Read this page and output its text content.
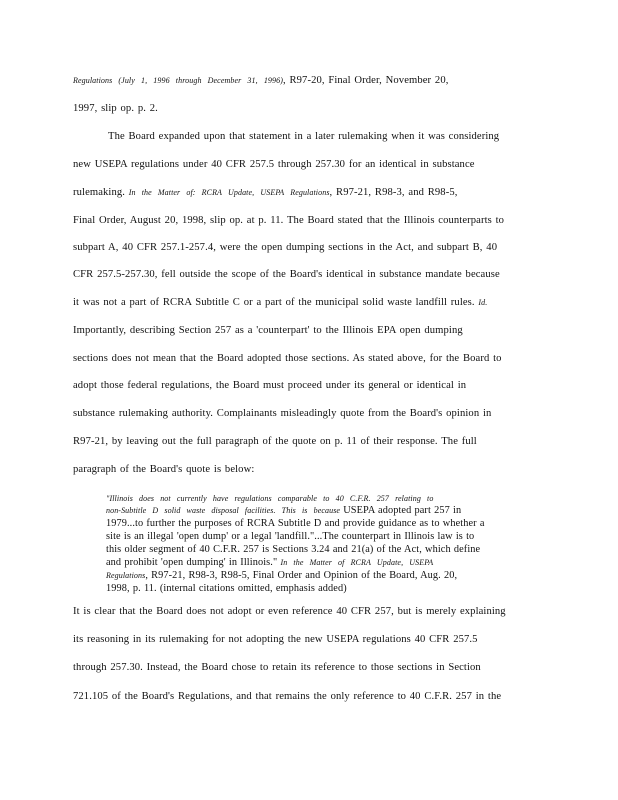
Regulations (July 1, 1996 through December 31, 1996), R97-20, Final Order, November 20,
1997, slip op. p. 2.
The Board expanded upon that statement in a later rulemaking when it was considering
new USEPA regulations under 40 CFR 257.5 through 257.30 for an identical in substance
rulemaking. In the Matter of: RCRA Update, USEPA Regulations, R97-21, R98-3, and R98-5,
Final Order, August 20, 1998, slip op. at p. 11. The Board stated that the Illinois counterparts to
subpart A, 40 CFR 257.1-257.4, were the open dumping sections in the Act, and subpart B, 40
CFR 257.5-257.30, fell outside the scope of the Board's identical in substance mandate because
it was not a part of RCRA Subtitle C or a part of the municipal solid waste landfill rules. Id.
Importantly, describing Section 257 as a 'counterpart' to the Illinois EPA open dumping
sections does not mean that the Board adopted those sections. As stated above, for the Board to
adopt those federal regulations, the Board must proceed under its general or identical in
substance rulemaking authority. Complainants misleadingly quote from the Board's opinion in
R97-21, by leaving out the full paragraph of the quote on p. 11 of their response. The full
paragraph of the Board's quote is below:
"Illinois does not currently have regulations comparable to 40 C.F.R. 257 relating to
non-Subtitle D solid waste disposal facilities. This is because USEPA adopted part 257 in
1979...to further the purposes of RCRA Subtitle D and provide guidance as to whether a
site is an illegal 'open dump' or a legal 'landfill."...The counterpart in Illinois law is to
this older segment of 40 C.F.R. 257 is Sections 3.24 and 21(a) of the Act, which define
and prohibit 'open dumping' in Illinois." In the Matter of RCRA Update, USEPA
Regulations, R97-21, R98-3, R98-5, Final Order and Opinion of the Board, Aug. 20,
1998, p. 11. (internal citations omitted, emphasis added)
It is clear that the Board does not adopt or even reference 40 CFR 257, but is merely explaining
its reasoning in its rulemaking for not adopting the new USEPA regulations 40 CFR 257.5
through 257.30. Instead, the Board chose to retain its reference to those sections in Section
721.105 of the Board's Regulations, and that remains the only reference to 40 C.F.R. 257 in the
